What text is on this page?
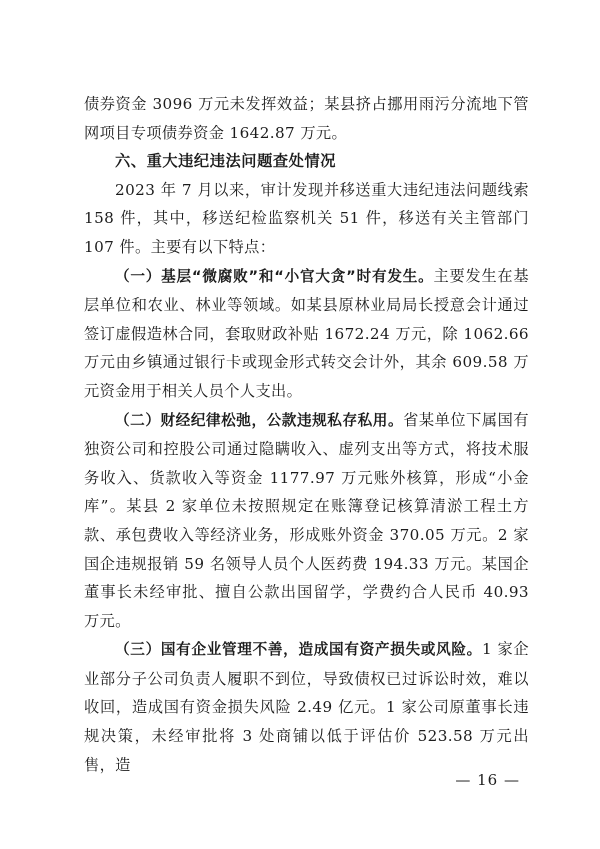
债券资金 3096 万元未发挥效益；某县挤占挪用雨污分流地下管网项目专项债券资金 1642.87 万元。

六、重大违纪违法问题查处情况

2023 年 7 月以来，审计发现并移送重大违纪违法问题线索 158 件，其中，移送纪检监察机关 51 件，移送有关主管部门 107 件。主要有以下特点：

（一）基层“微腐败”和“小官大贪”时有发生。主要发生在基层单位和农业、林业等领域。如某县原林业局局长授意会计通过签订虚假造林合同，套取财政补贴 1672.24 万元，除 1062.66 万元由乡镇通过银行卡或现金形式转交会计外，其余 609.58 万元资金用于相关人员个人支出。

（二）财经纪律松弛，公款违规私存私用。省某单位下属国有独资公司和控股公司通过隐瞒收入、虚列支出等方式，将技术服务收入、货款收入等资金 1177.97 万元账外核算，形成“小金库”。某县 2 家单位未按照规定在账簿登记核算清淤工程土方款、承包费收入等经济业务，形成账外资金 370.05 万元。2 家国企违规报销 59 名领导人员个人医药费 194.33 万元。某国企董事长未经审批、擅自公款出国留学，学费约合人民币 40.93 万元。

（三）国有企业管理不善，造成国有资产损失或风险。1 家企业部分子公司负责人履职不到位，导致债权已过诉讼时效，难以收回，造成国有资金损失风险 2.49 亿元。1 家公司原董事长违规决策，未经审批将 3 处商铺以低于评估价 523.58 万元出售，造

— 16 —
